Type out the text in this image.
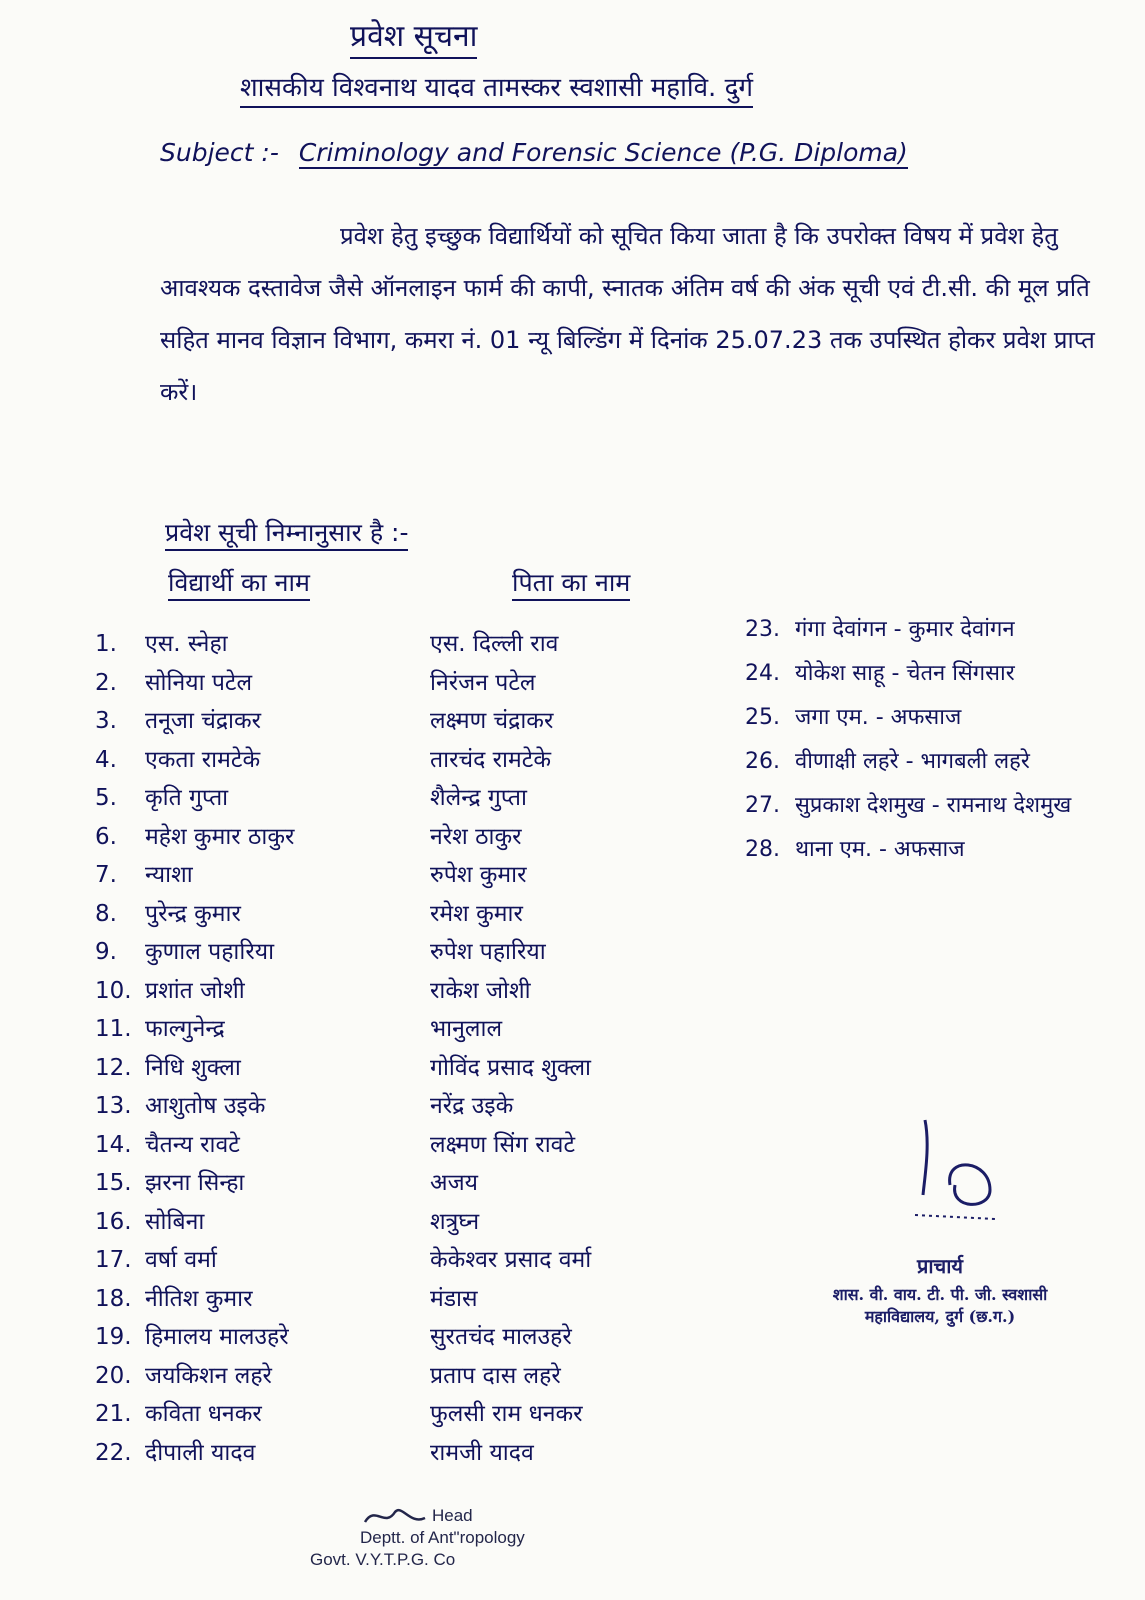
प्रवेश सूचना
शासकीय विश्वनाथ यादव तामस्कर स्वशासी महावि. दुर्ग
Subject :- Criminology and Forensic Science (P.G. Diploma)

प्रवेश हेतु इच्छुक विद्यार्थियों को सूचित किया जाता है कि उपरोक्त विषय में प्रवेश हेतु आवश्यक दस्तावेज जैसे ऑनलाइन फार्म की कापी, स्नातक अंतिम वर्ष की अंक सूची एवं टी.सी. की मूल प्रति सहित मानव विज्ञान विभाग, कमरा नं. 01 न्यू बिल्डिंग में दिनांक 25.07.23 तक उपस्थित होकर प्रवेश प्राप्त करें।

प्रवेश सूची निम्नानुसार है :-
विद्यार्थी का नाम	पिता का नाम
1. एस. स्नेहा
2. सोनिया पटेल
3. तनूजा चंद्राकर
4. एकता रामटेके
5. कृति गुप्ता
6. महेश कुमार ठाकुर
7. न्याशा
8. पुरेन्द्र कुमार
9. कुणाल पहारिया
10. प्रशांत जोशी
11. फाल्गुनेन्द्र
12. निधि शुक्ला
13. आशुतोष उइके
14. चैतन्य रावटे
15. झरना सिन्हा
16. सोबिना
17. वर्षा वर्मा
18. नीतिश कुमार
19. हिमालय मालउहरे
20. जयकिशन लहरे
21. कविता धनकर
22. दीपाली यादव
एस. दिल्ली राव
निरंजन पटेल
लक्ष्मण चंद्राकर
तारचंद रामटेके
शैलेन्द्र गुप्ता
नरेश ठाकुर
रुपेश कुमार
रमेश कुमार
रुपेश पहारिया
राकेश जोशी
भानुलाल
गोविंद प्रसाद शुक्ला
नरेंद्र उइके
लक्ष्मण सिंग रावटे
अजय
शत्रुघ्न
केकेश्वर प्रसाद वर्मा
मंडास
सुरतचंद मालउहरे
प्रताप दास लहरे
फुलसी राम धनकर
रामजी यादव
23. गंगा देवांगन - कुमार देवांगन
24. योकेश साहू - चेतन सिंगसार
25. जगा एम. - अफसाज
26. वीणाक्षी लहरे - भागबली लहरे
27. सुप्रकाश देशमुख - रामनाथ देशमुख
28. थाना एम. - अफसाज
प्राचार्य
शास. वी. वाय. टी. पी. जी. स्वशासी
महाविद्यालय, दुर्ग (छ.ग.)
Head
Deptt. of Ant"ropology
Govt. V.Y.T.P.G. Co
